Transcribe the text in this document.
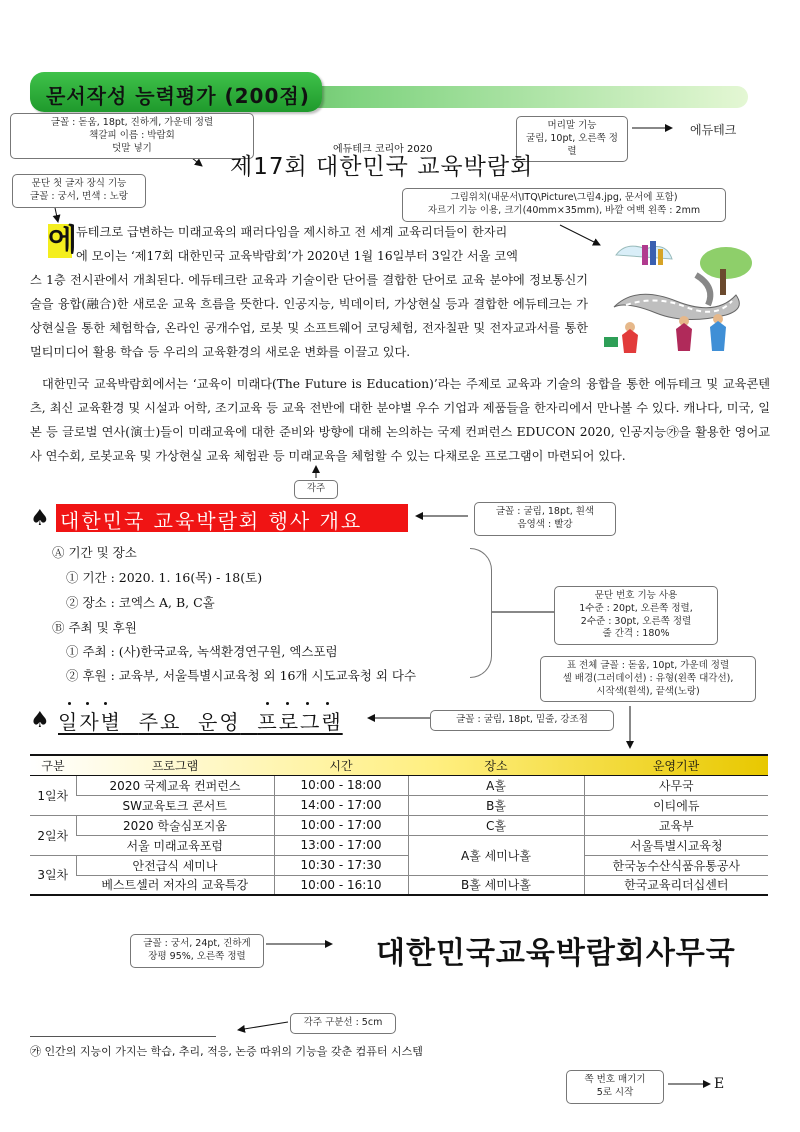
문서작성 능력평가 (200점)
글꼴 : 돋움, 18pt, 진하게, 가운데 정렬
책갈피 이름 : 박람회
덧말 넣기
머리말 기능
굴림, 10pt, 오른쪽 정렬
에듀테크
문단 첫 글자 장식 기능
글꼴 : 궁서, 면색 : 노랑	그림위치(내문서\ITQ\Picture\그림4.jpg, 문서에 포함)
자르기 기능 이용, 크기(40mm×35mm), 바깥 여백 왼쪽 : 2mm
에듀테크 코리아 2020
제17회 대한민국 교육박람회
에 듀테크로 급변하는 미래교육의 패러다임을 제시하고 전 세계 교육리더들이 한자리
에 모이는 ‘제17회 대한민국 교육박람회’가 2020년 1월 16일부터 3일간 서울 코엑
스 1층 전시관에서 개최된다. 에듀테크란 교육과 기술이란 단어를 결합한 단어로 교육 분야에 정보통신기술을 융합(融合)한 새로운 교육 흐름을 뜻한다. 인공지능, 빅데이터, 가상현실 등과 결합한 에듀테크는 가상현실을 통한 체험학습, 온라인 공개수업, 로봇 및 소프트웨어 코딩체험, 전자칠판 및 전자교과서를 통한 멀티미디어 활용 학습 등 우리의 교육환경의 새로운 변화를 이끌고 있다.
대한민국 교육박람회에서는 ‘교육이 미래다(The Future is Education)’라는 주제로 교육과 기술의 융합을 통한 에듀테크 및 교육콘텐츠, 최신 교육환경 및 시설과 어학, 조기교육 등 교육 전반에 대한 분야별 우수 기업과 제품들을 한자리에서 만나볼 수 있다. 캐나다, 미국, 일본 등 글로벌 연사(演士)들이 미래교육에 대한 준비와 방향에 대해 논의하는 국제 컨퍼런스 EDUCON 2020, 인공지능㉮을 활용한 영어교사 연수회, 로봇교육 및 가상현실 교육 체험관 등 미래교육을 체험할 수 있는 다채로운 프로그램이 마련되어 있다.
각주
♠ 대한민국 교육박람회 행사 개요	글꼴 : 굴림, 18pt, 흰색
음영색 : 빨강
Ⓐ 기간 및 장소
① 기간 : 2020. 1. 16(목) - 18(토)
② 장소 : 코엑스 A, B, C홀
Ⓑ 주최 및 후원
① 주최 : (사)한국교육, 녹색환경연구원, 엑스포럼
② 후원 : 교육부, 서울특별시교육청 외 16개 시도교육청 외 다수
문단 번호 기능 사용
1수준 : 20pt, 오른쪽 정렬,
2수준 : 30pt, 오른쪽 정렬
줄 간격 : 180%
표 전체 글꼴 : 돋움, 10pt, 가운데 정렬
셀 배경(그러데이션) : 유형(왼쪽 대각선),
시작색(흰색), 끝색(노랑)
♠ 일자별 주요 운영 프로그램	글꼴 : 굴림, 18pt, 밑줄, 강조점
구분	프로그램	시간	장소	운영기관
1일차	2020 국제교육 컨퍼런스	10:00 - 18:00	A홀	사무국
	SW교육토크 콘서트	14:00 - 17:00	B홀	이티에듀
2일차	2020 학술심포지움	10:00 - 17:00	C홀	교육부
	서울 미래교육포럼	13:00 - 17:00	A홀 세미나홀	서울특별시교육청
3일차	안전급식 세미나	10:30 - 17:30		한국농수산식품유통공사
	베스트셀러 저자의 교육특강	10:00 - 16:10	B홀 세미나홀	한국교육리더십센터
글꼴 : 궁서, 24pt, 진하게
장평 95%, 오른쪽 정렬	대한민국교육박람회사무국
각주 구분선 : 5cm
㉮ 인간의 지능이 가지는 학습, 추리, 적응, 논증 따위의 기능을 갖춘 컴퓨터 시스템
쪽 번호 매기기
5로 시작
E
